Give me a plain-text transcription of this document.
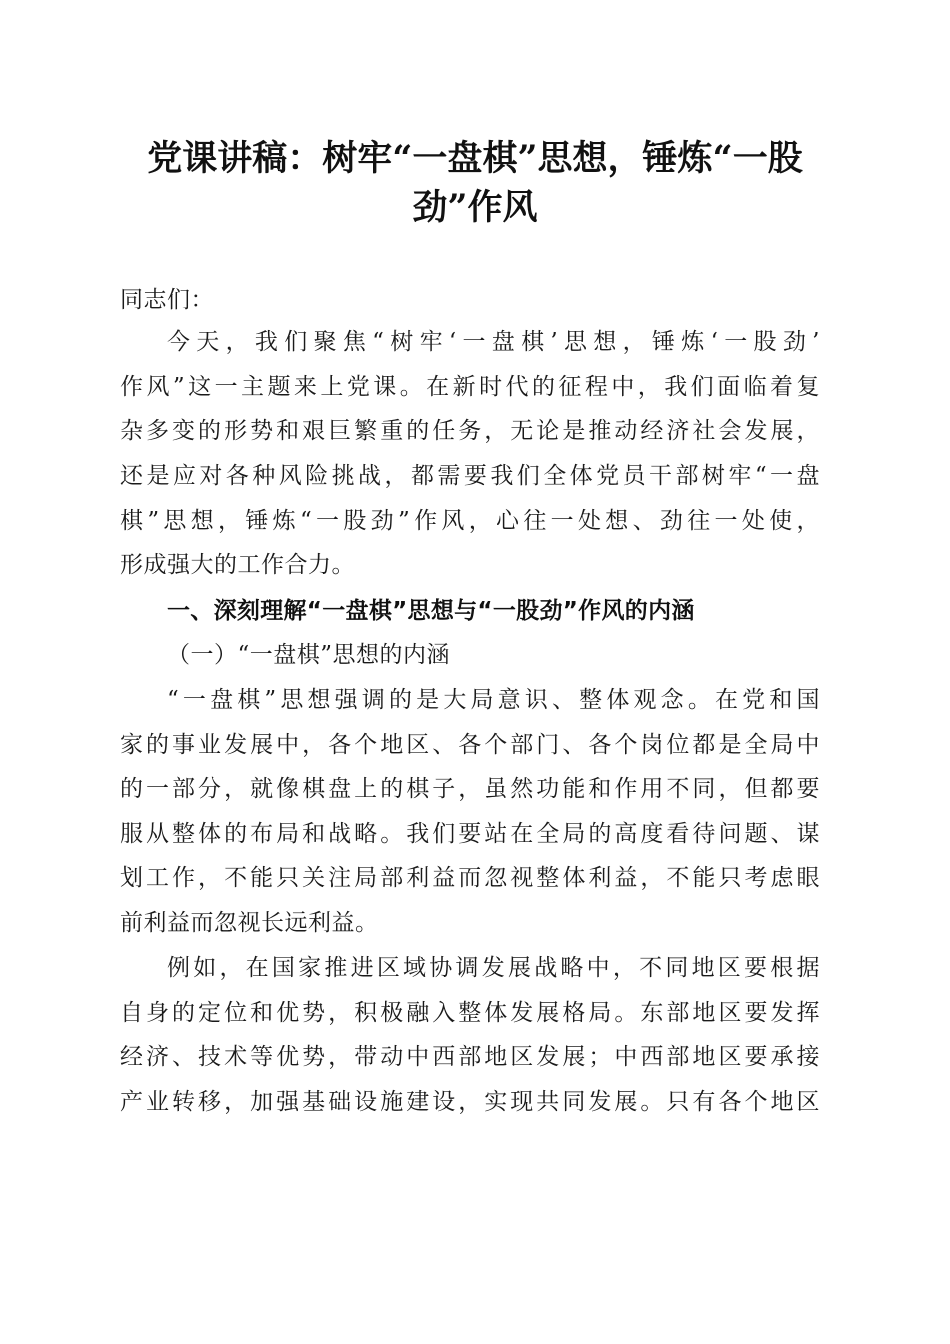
党课讲稿：树牢“一盘棋”思想，锤炼“一股
劲”作风
同志们：
今天，我们聚焦“树牢‘一盘棋’思想，锤炼‘一股劲’
作风”这一主题来上党课。在新时代的征程中，我们面临着复
杂多变的形势和艰巨繁重的任务，无论是推动经济社会发展，
还是应对各种风险挑战，都需要我们全体党员干部树牢“一盘
棋”思想，锤炼“一股劲”作风，心往一处想、劲往一处使，
形成强大的工作合力。
一、深刻理解“一盘棋”思想与“一股劲”作风的内涵
（一）“一盘棋”思想的内涵
“一盘棋”思想强调的是大局意识、整体观念。在党和国
家的事业发展中，各个地区、各个部门、各个岗位都是全局中
的一部分，就像棋盘上的棋子，虽然功能和作用不同，但都要
服从整体的布局和战略。我们要站在全局的高度看待问题、谋
划工作，不能只关注局部利益而忽视整体利益，不能只考虑眼
前利益而忽视长远利益。
例如，在国家推进区域协调发展战略中，不同地区要根据
自身的定位和优势，积极融入整体发展格局。东部地区要发挥
经济、技术等优势，带动中西部地区发展；中西部地区要承接
产业转移，加强基础设施建设，实现共同发展。只有各个地区
